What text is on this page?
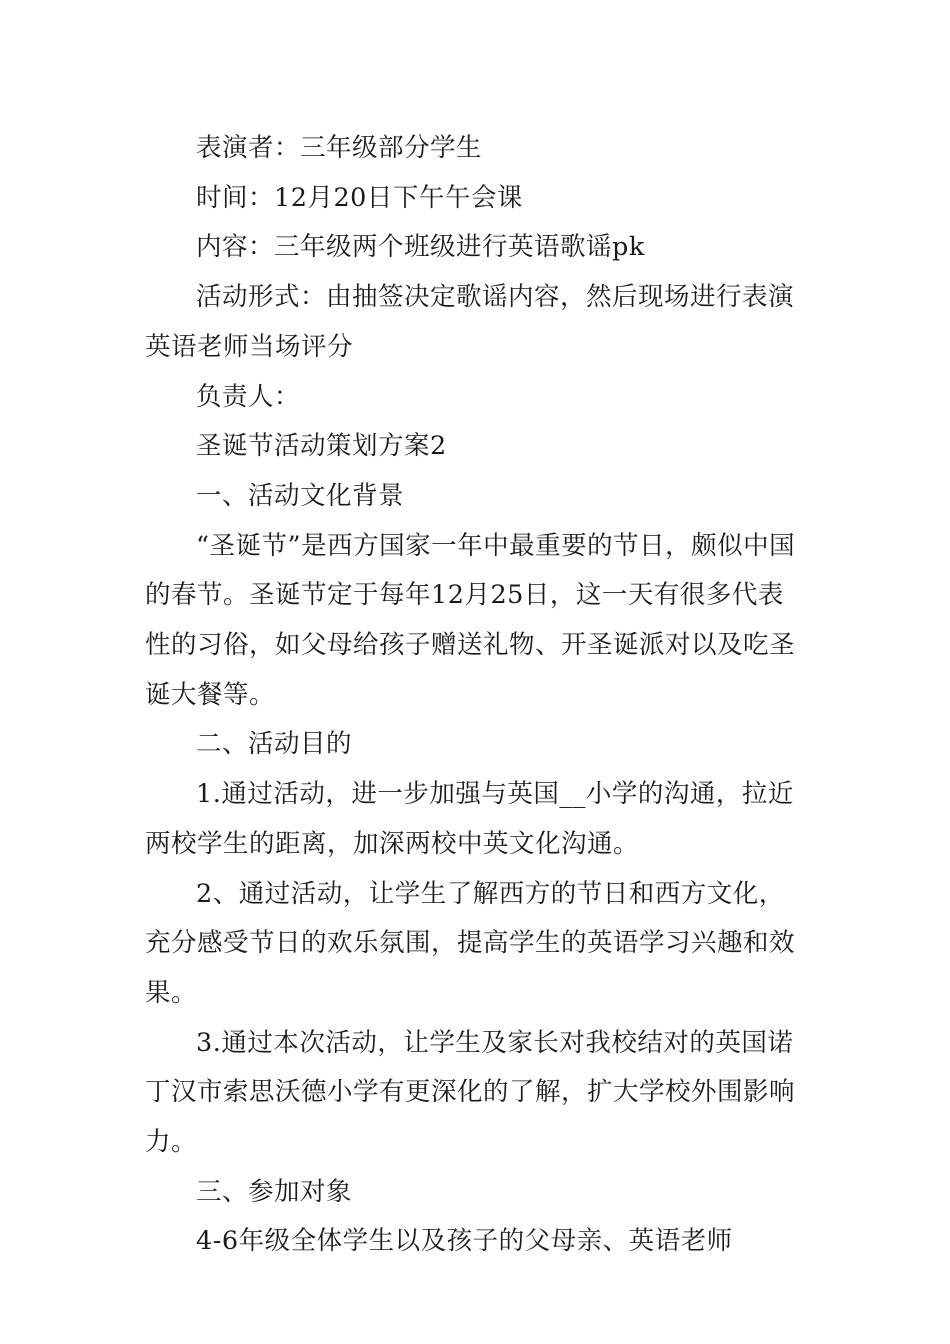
表演者：三年级部分学生

时间：12月20日下午午会课

内容：三年级两个班级进行英语歌谣pk

活动形式：由抽签决定歌谣内容，然后现场进行表演英语老师当场评分

负责人：

圣诞节活动策划方案2

一、活动文化背景

“圣诞节”是西方国家一年中最重要的节日，颇似中国的春节。圣诞节定于每年12月25日，这一天有很多代表性的习俗，如父母给孩子赠送礼物、开圣诞派对以及吃圣诞大餐等。

二、活动目的

1.通过活动，进一步加强与英国__小学的沟通，拉近两校学生的距离，加深两校中英文化沟通。

2、通过活动，让学生了解西方的节日和西方文化，充分感受节日的欢乐氛围，提高学生的英语学习兴趣和效果。

3.通过本次活动，让学生及家长对我校结对的英国诺丁汉市索思沃德小学有更深化的了解，扩大学校外围影响力。

三、参加对象

4-6年级全体学生以及孩子的父母亲、英语老师
